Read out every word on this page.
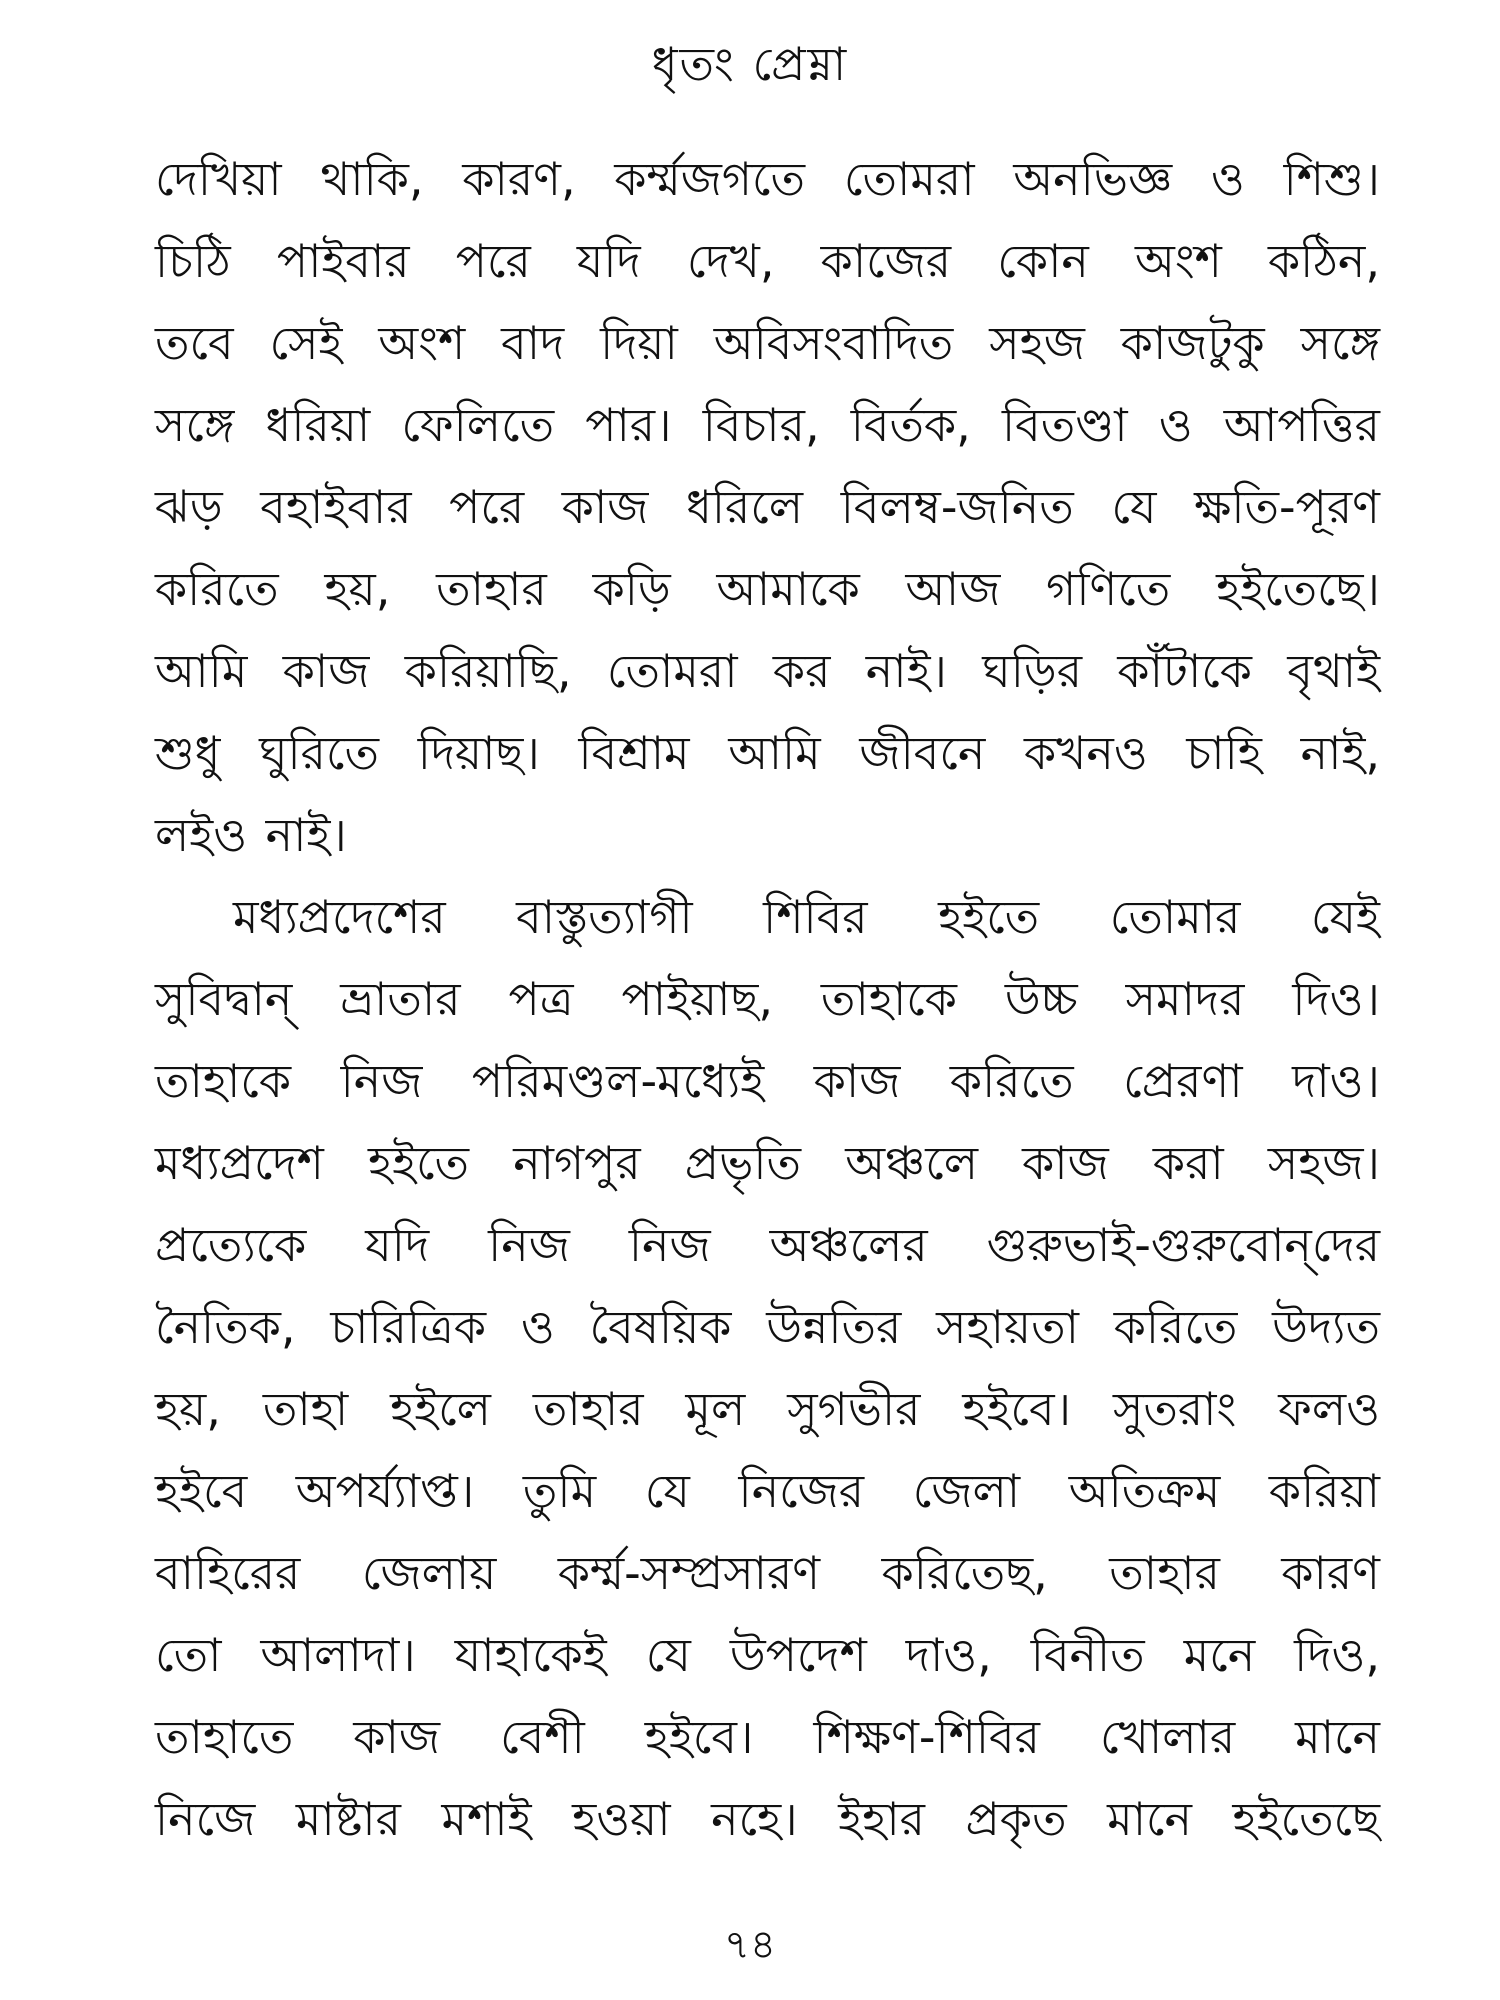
ধৃতং প্রেম্না
দেখিয়া থাকি, কারণ, কর্ম্মজগতে তোমরা অনভিজ্ঞ ও শিশু।
চিঠি পাইবার পরে যদি দেখ, কাজের কোন অংশ কঠিন,
তবে সেই অংশ বাদ দিয়া অবিসংবাদিত সহজ কাজটুকু সঙ্গে
সঙ্গে ধরিয়া ফেলিতে পার। বিচার, বির্তক, বিতণ্ডা ও আপত্তির
ঝড় বহাইবার পরে কাজ ধরিলে বিলম্ব-জনিত যে ক্ষতি-পূরণ
করিতে হয়, তাহার কড়ি আমাকে আজ গণিতে হইতেছে।
আমি কাজ করিয়াছি, তোমরা কর নাই। ঘড়ির কাঁটাকে বৃথাই
শুধু ঘুরিতে দিয়াছ। বিশ্রাম আমি জীবনে কখনও চাহি নাই,
লইও নাই।
মধ্যপ্রদেশের বাস্তুত্যাগী শিবির হইতে তোমার যেই
সুবিদ্বান্ ভ্রাতার পত্র পাইয়াছ, তাহাকে উচ্চ সমাদর দিও।
তাহাকে নিজ পরিমণ্ডল-মধ্যেই কাজ করিতে প্রেরণা দাও।
মধ্যপ্রদেশ হইতে নাগপুর প্রভৃতি অঞ্চলে কাজ করা সহজ।
প্রত্যেকে যদি নিজ নিজ অঞ্চলের গুরুভাই-গুরুবোন্‌দের
নৈতিক, চারিত্রিক ও বৈষয়িক উন্নতির সহায়তা করিতে উদ্যত
হয়, তাহা হইলে তাহার মূল সুগভীর হইবে। সুতরাং ফলও
হইবে অপর্য্যাপ্ত। তুমি যে নিজের জেলা অতিক্রম করিয়া
বাহিরের জেলায় কর্ম্ম-সম্প্রসারণ করিতেছ, তাহার কারণ
তো আলাদা। যাহাকেই যে উপদেশ দাও, বিনীত মনে দিও,
তাহাতে কাজ বেশী হইবে। শিক্ষণ-শিবির খোলার মানে
নিজে মাষ্টার মশাই হওয়া নহে। ইহার প্রকৃত মানে হইতেছে
৭৪
